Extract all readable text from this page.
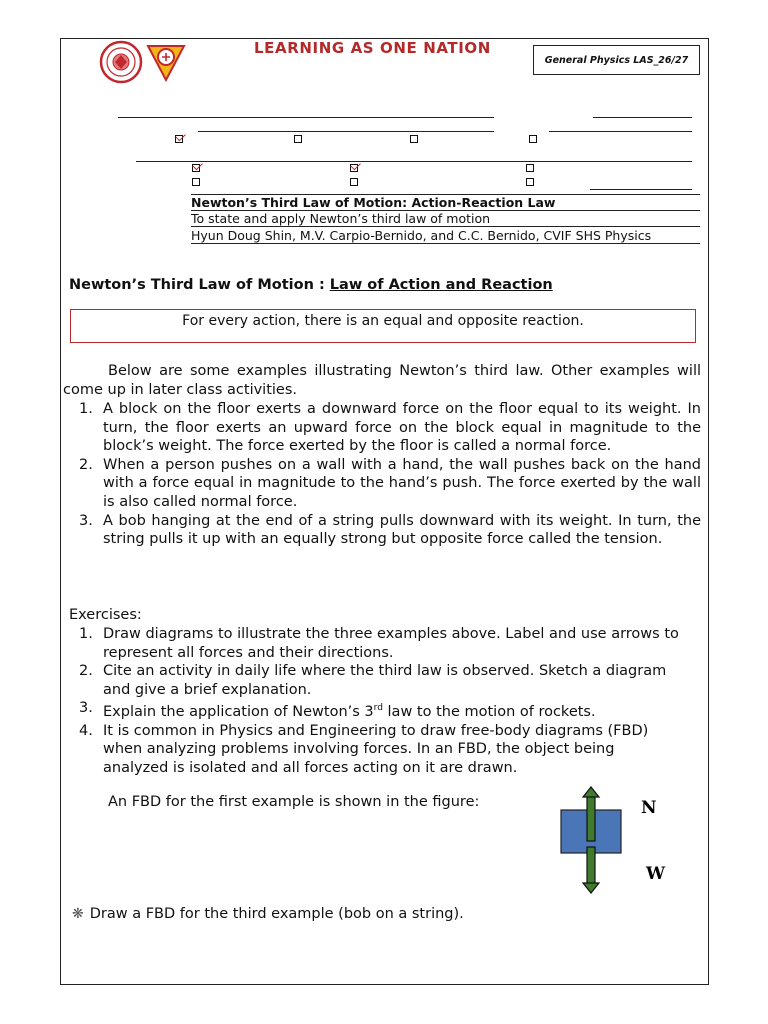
LEARNING AS ONE NATION
General Physics LAS_26/27
Newton’s Third Law of Motion: Action-Reaction Law
To state and apply Newton’s third law of motion
Hyun Doug Shin, M.V. Carpio-Bernido, and C.C. Bernido, CVIF SHS Physics
Newton’s Third Law of Motion : Law of Action and Reaction
For every action, there is an equal and opposite reaction.
Below are some examples illustrating Newton’s third law. Other examples will come up in later class activities.
1. A block on the floor exerts a downward force on the floor equal to its weight. In turn, the floor exerts an upward force on the block equal in magnitude to the block’s weight. The force exerted by the floor is called a normal force.
2. When a person pushes on a wall with a hand, the wall pushes back on the hand with a force equal in magnitude to the hand’s push. The force exerted by the wall is also called normal force.
3. A bob hanging at the end of a string pulls downward with its weight. In turn, the string pulls it up with an equally strong but opposite force called the tension.
Exercises:
1. Draw diagrams to illustrate the three examples above. Label and use arrows to represent all forces and their directions.
2. Cite an activity in daily life where the third law is observed. Sketch a diagram and give a brief explanation.
3. Explain the application of Newton’s 3rd law to the motion of rockets.
4. It is common in Physics and Engineering to draw free-body diagrams (FBD) when analyzing problems involving forces. In an FBD, the object being analyzed is isolated and all forces acting on it are drawn.
An FBD for the first example is shown in the figure:	N
W
❋ Draw a FBD for the third example (bob on a string).
